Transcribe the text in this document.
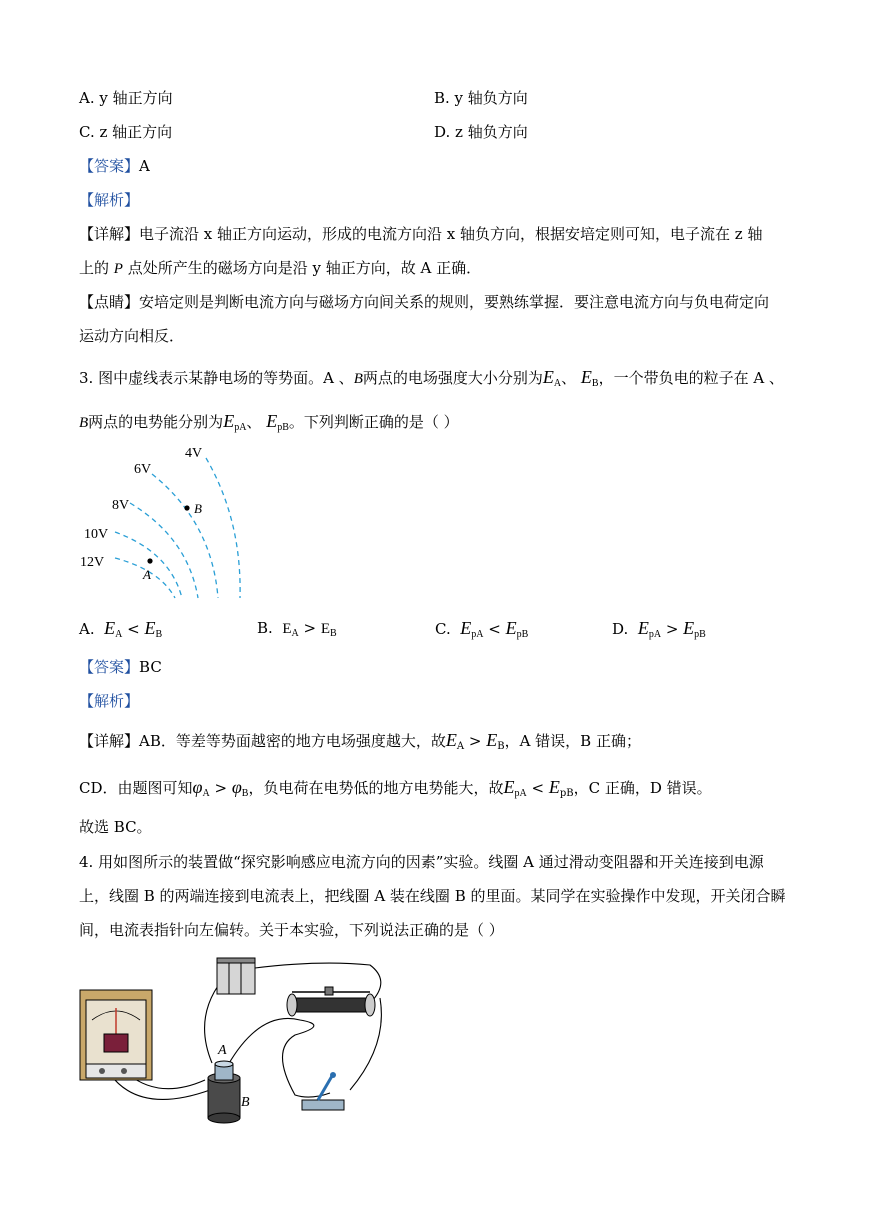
A. y 轴正方向	B. y 轴负方向
C. z 轴正方向	D. z 轴负方向
【答案】A
【解析】
【详解】电子流沿 x 轴正方向运动，形成的电流方向沿 x 轴负方向，根据安培定则可知，电子流在 z 轴
上的 P 点处所产生的磁场方向是沿 y 轴正方向，故 A 正确．
【点睛】安培定则是判断电流方向与磁场方向间关系的规则，要熟练掌握．要注意电流方向与负电荷定向
运动方向相反．
3. 图中虚线表示某静电场的等势面。A 、B两点的电场强度大小分别为$E_A$、 $E_B$，一个带负电的粒子在 A 、
B两点的电势能分别为$E_{pA}$、 $E_{pB}$。下列判断正确的是（ ）
12V
10V
8V
6V
4V
A
B
A. $E_A < E_B$	B. $E_A > E_B$	C. $E_{pA} < E_{pB}$	D. $E_{pA} > E_{pB}$
【答案】BC
【解析】
【详解】AB．等差等势面越密的地方电场强度越大，故$E_A > E_B$，A 错误，B 正确；
CD．由题图可知$\varphi_A > \varphi_B$，负电荷在电势低的地方电势能大，故$E_{pA} < E_{pB}$，C 正确，D 错误。
故选 BC。
4. 用如图所示的装置做“探究影响感应电流方向的因素”实验。线圈 A 通过滑动变阻器和开关连接到电源
上，线圈 B 的两端连接到电流表上，把线圈 A 装在线圈 B 的里面。某同学在实验操作中发现，开关闭合瞬
间，电流表指针向左偏转。关于本实验，下列说法正确的是（ ）
A
B
